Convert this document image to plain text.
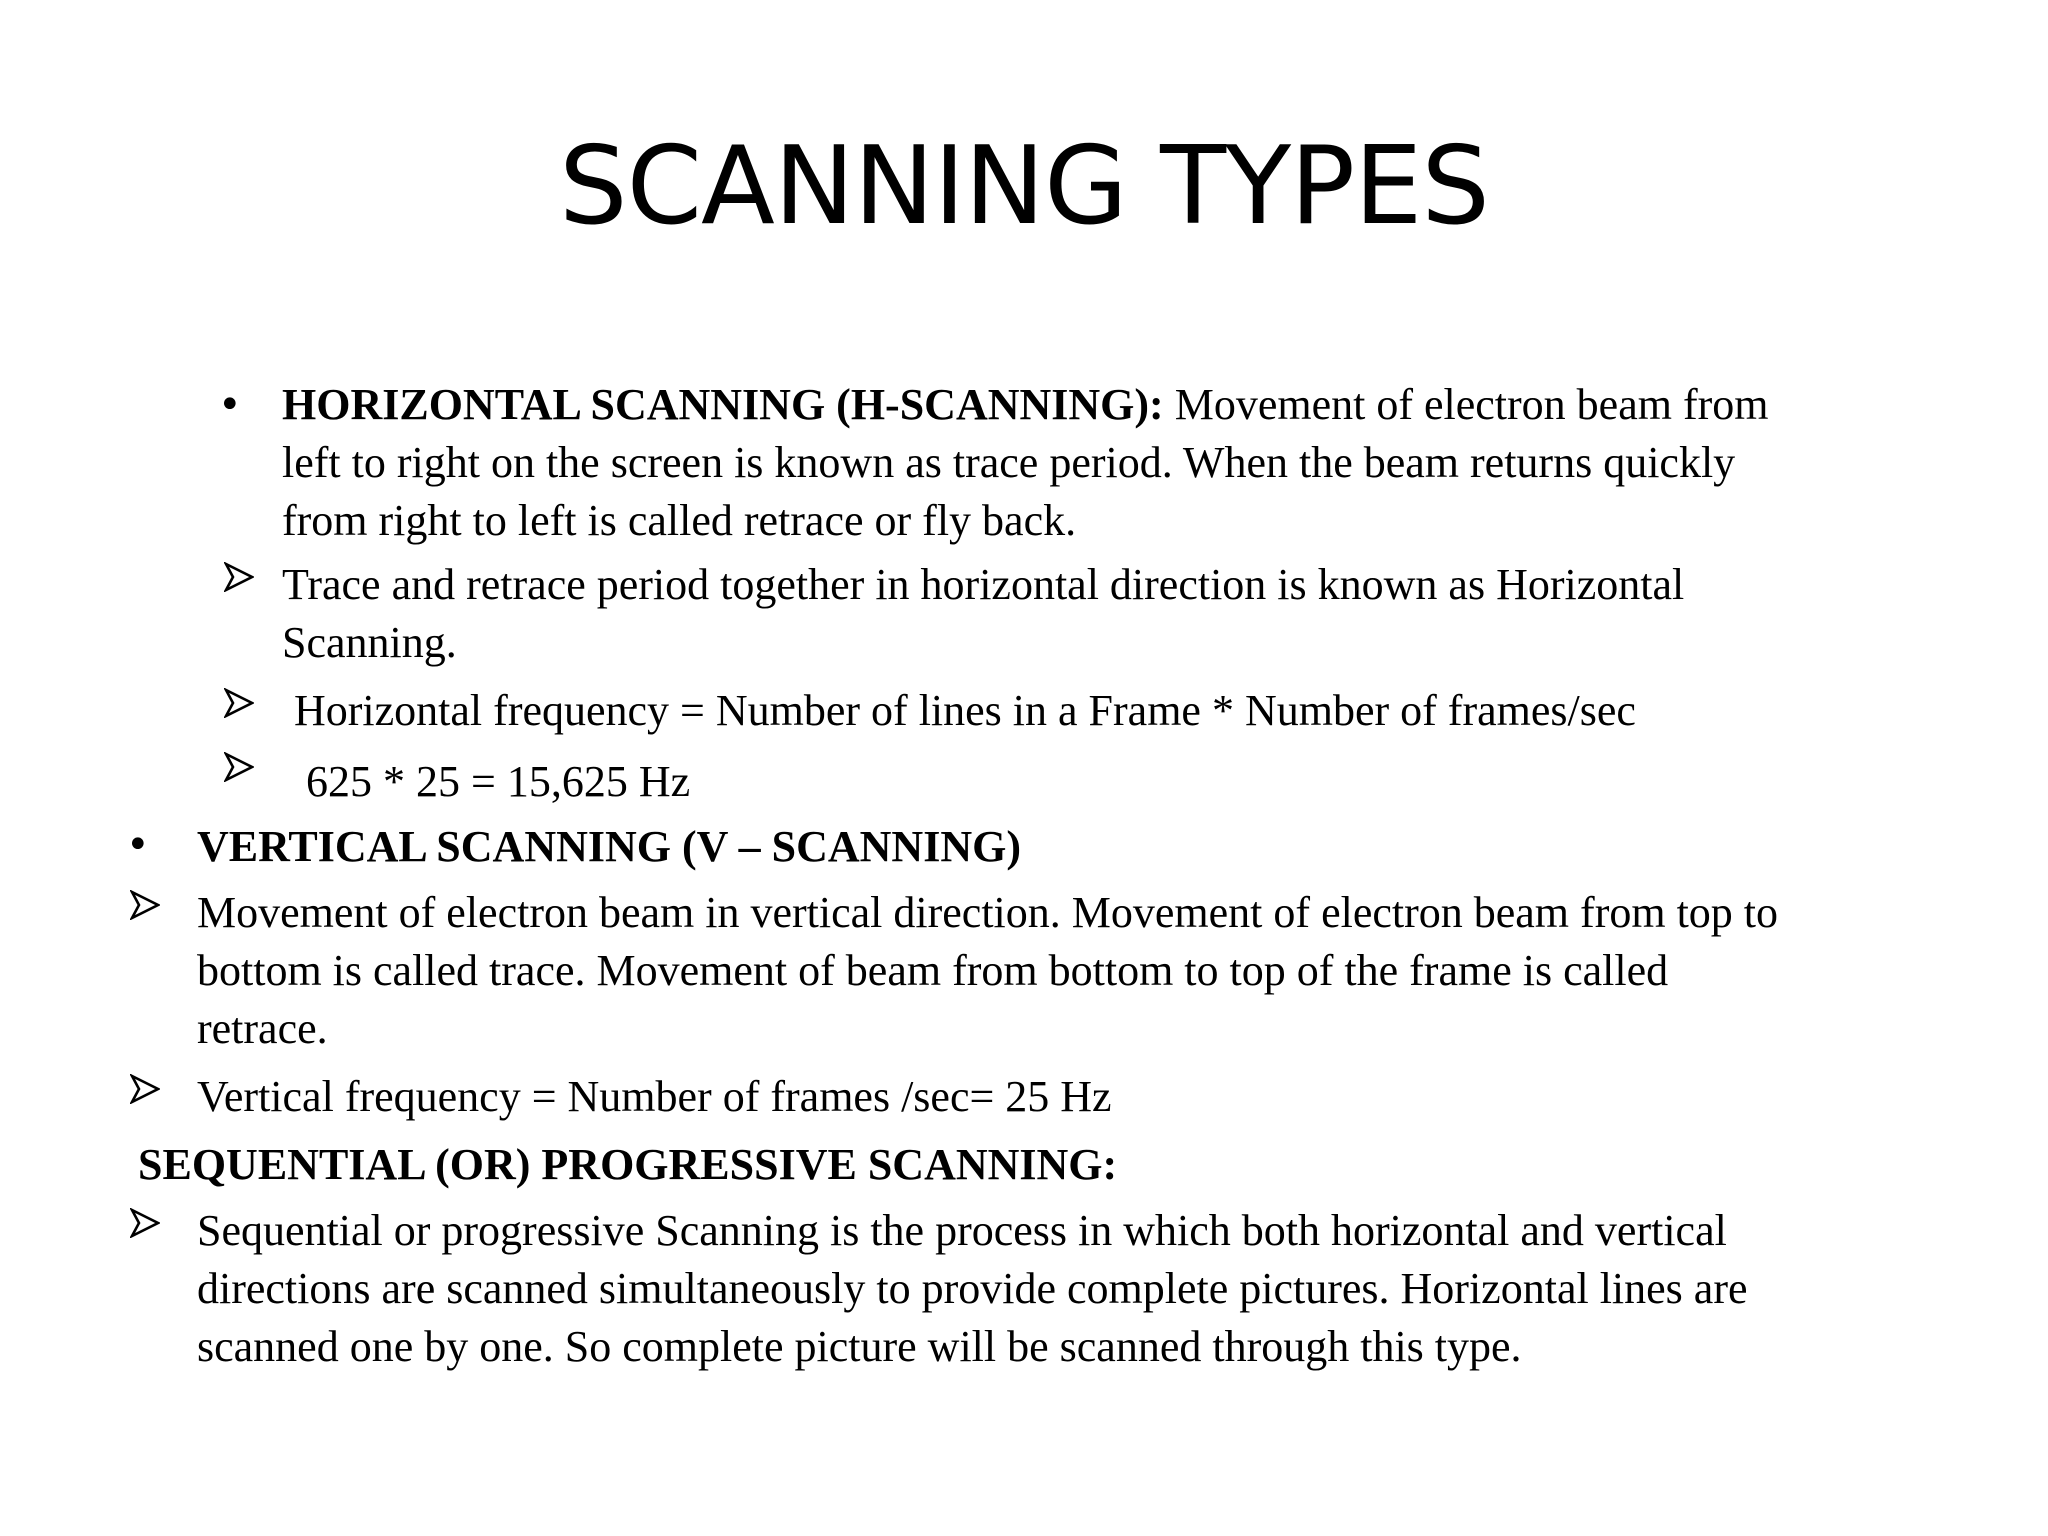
SCANNING TYPES
• HORIZONTAL SCANNING (H-SCANNING): Movement of electron beam from
left to right on the screen is known as trace period. When the beam returns quickly
from right to left is called retrace or fly back.
Trace and retrace period together in horizontal direction is known as Horizontal
Scanning.
Horizontal frequency = Number of lines in a Frame * Number of frames/sec
625 * 25 = 15,625 Hz
• VERTICAL SCANNING (V – SCANNING)
Movement of electron beam in vertical direction. Movement of electron beam from top to
bottom is called trace. Movement of beam from bottom to top of the frame is called
retrace.
Vertical frequency = Number of frames /sec= 25 Hz
SEQUENTIAL (OR) PROGRESSIVE SCANNING:
Sequential or progressive Scanning is the process in which both horizontal and vertical
directions are scanned simultaneously to provide complete pictures. Horizontal lines are
scanned one by one. So complete picture will be scanned through this type.
